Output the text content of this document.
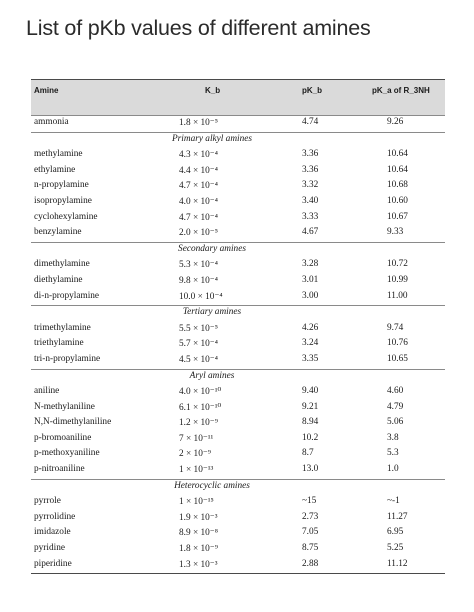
List of pKb values of different amines
Amine	K_b	pK_b	pK_a of R_3NH
ammonia	1.8 × 10⁻⁵	4.74	9.26
Primary alkyl amines
methylamine	4.3 × 10⁻⁴	3.36	10.64
ethylamine	4.4 × 10⁻⁴	3.36	10.64
n-propylamine	4.7 × 10⁻⁴	3.32	10.68
isopropylamine	4.0 × 10⁻⁴	3.40	10.60
cyclohexylamine	4.7 × 10⁻⁴	3.33	10.67
benzylamine	2.0 × 10⁻⁵	4.67	9.33
Secondary amines
dimethylamine	5.3 × 10⁻⁴	3.28	10.72
diethylamine	9.8 × 10⁻⁴	3.01	10.99
di-n-propylamine	10.0 × 10⁻⁴	3.00	11.00
Tertiary amines
trimethylamine	5.5 × 10⁻⁵	4.26	9.74
triethylamine	5.7 × 10⁻⁴	3.24	10.76
tri-n-propylamine	4.5 × 10⁻⁴	3.35	10.65
Aryl amines
aniline	4.0 × 10⁻¹⁰	9.40	4.60
N-methylaniline	6.1 × 10⁻¹⁰	9.21	4.79
N,N-dimethylaniline	1.2 × 10⁻⁹	8.94	5.06
p-bromoaniline	7 × 10⁻¹¹	10.2	3.8
p-methoxyaniline	2 × 10⁻⁹	8.7	5.3
p-nitroaniline	1 × 10⁻¹³	13.0	1.0
Heterocyclic amines
pyrrole	1 × 10⁻¹⁵	~15	~-1
pyrrolidine	1.9 × 10⁻³	2.73	11.27
imidazole	8.9 × 10⁻⁸	7.05	6.95
pyridine	1.8 × 10⁻⁹	8.75	5.25
piperidine	1.3 × 10⁻³	2.88	11.12
